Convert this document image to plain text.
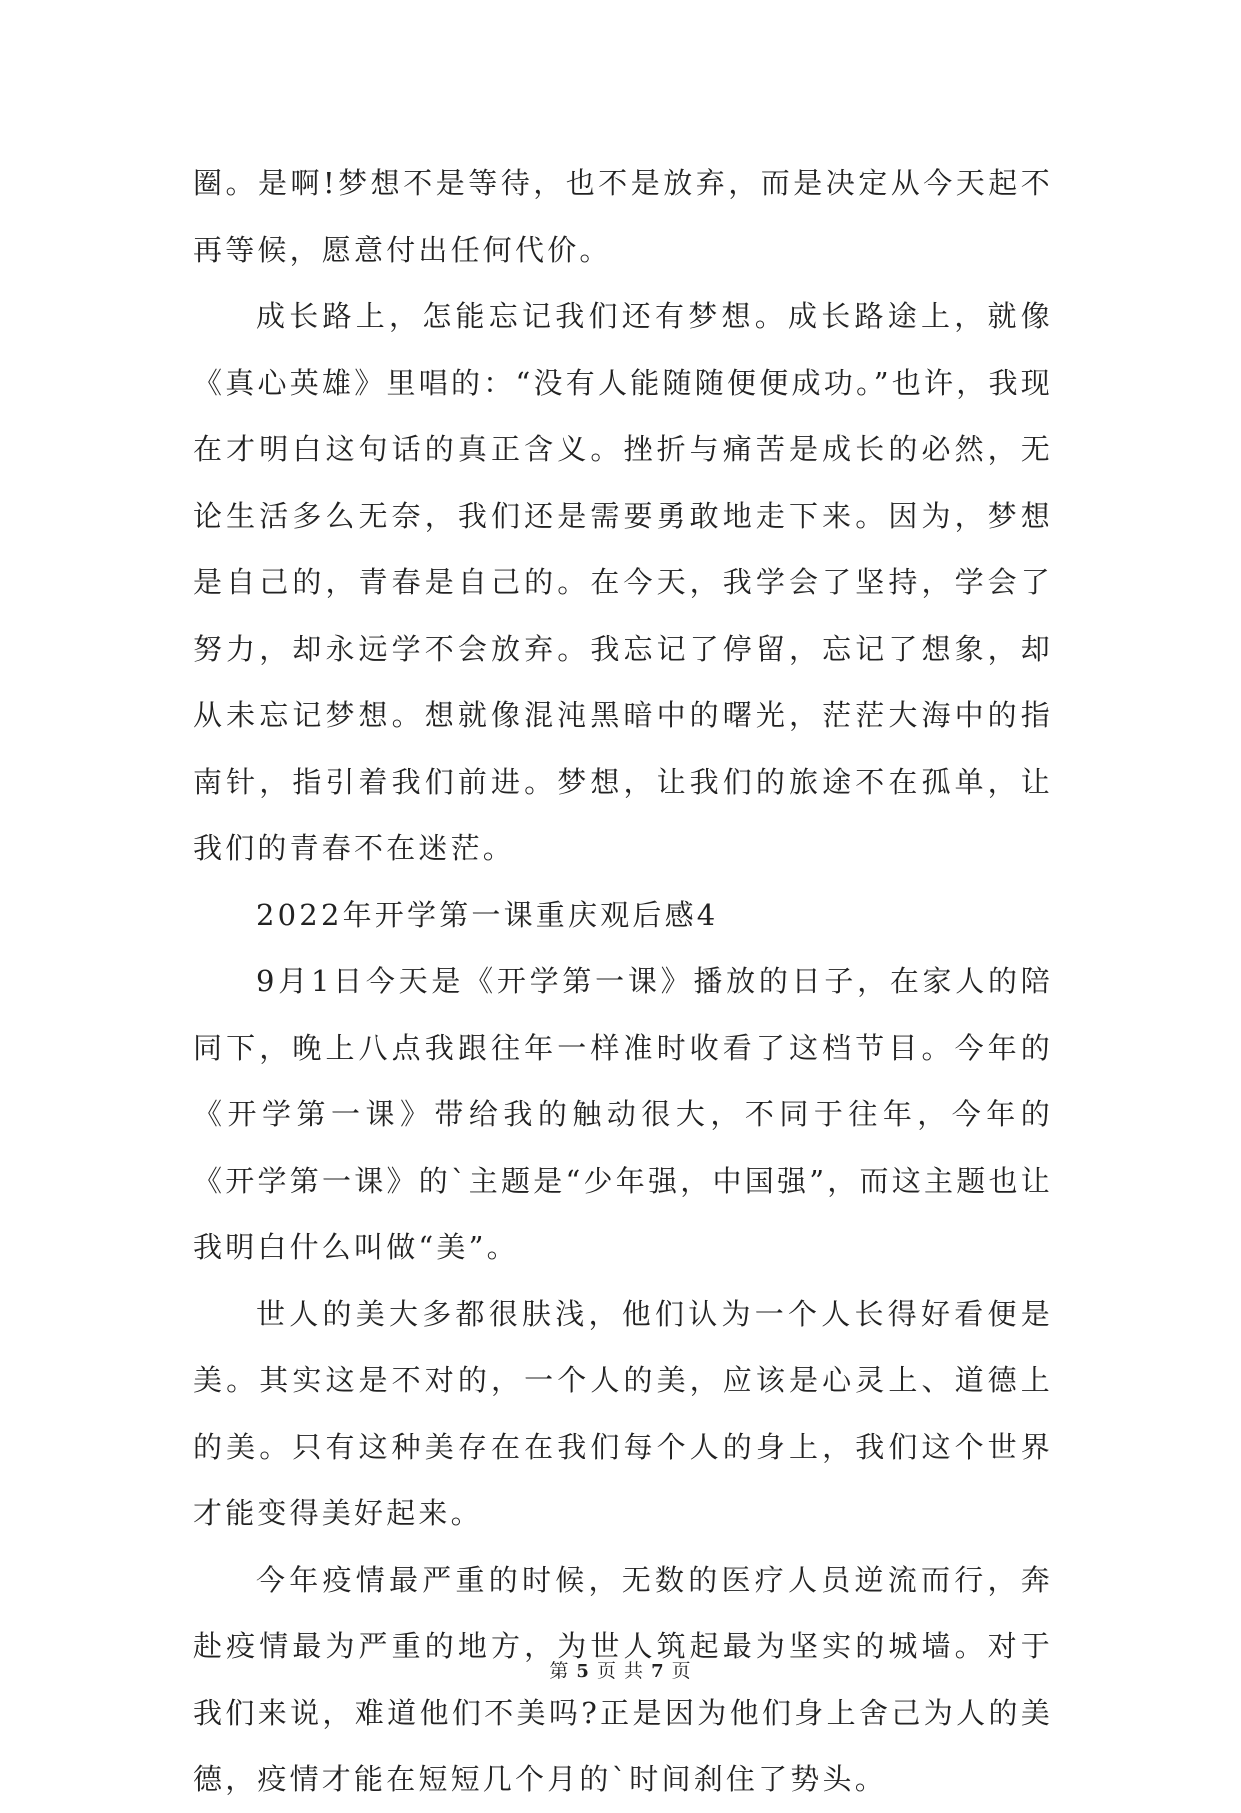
圈。是啊!梦想不是等待，也不是放弃，而是决定从今天起不再等候，愿意付出任何代价。

成长路上，怎能忘记我们还有梦想。成长路途上，就像《真心英雄》里唱的：“没有人能随随便便成功。”也许，我现在才明白这句话的真正含义。挫折与痛苦是成长的必然，无论生活多么无奈，我们还是需要勇敢地走下来。因为，梦想是自己的，青春是自己的。在今天，我学会了坚持，学会了努力，却永远学不会放弃。我忘记了停留，忘记了想象，却从未忘记梦想。想就像混沌黑暗中的曙光，茫茫大海中的指南针，指引着我们前进。梦想，让我们的旅途不在孤单，让我们的青春不在迷茫。

2022年开学第一课重庆观后感4

9月1日今天是《开学第一课》播放的日子，在家人的陪同下，晚上八点我跟往年一样准时收看了这档节目。今年的《开学第一课》带给我的触动很大，不同于往年，今年的《开学第一课》的`主题是“少年强，中国强”，而这主题也让我明白什么叫做“美”。

世人的美大多都很肤浅，他们认为一个人长得好看便是美。其实这是不对的，一个人的美，应该是心灵上、道德上的美。只有这种美存在在我们每个人的身上，我们这个世界才能变得美好起来。

今年疫情最严重的时候，无数的医疗人员逆流而行，奔赴疫情最为严重的地方，为世人筑起最为坚实的城墙。对于我们来说，难道他们不美吗?正是因为他们身上舍己为人的美德，疫情才能在短短几个月的`时间刹住了势头。

第 5 页 共 7 页
